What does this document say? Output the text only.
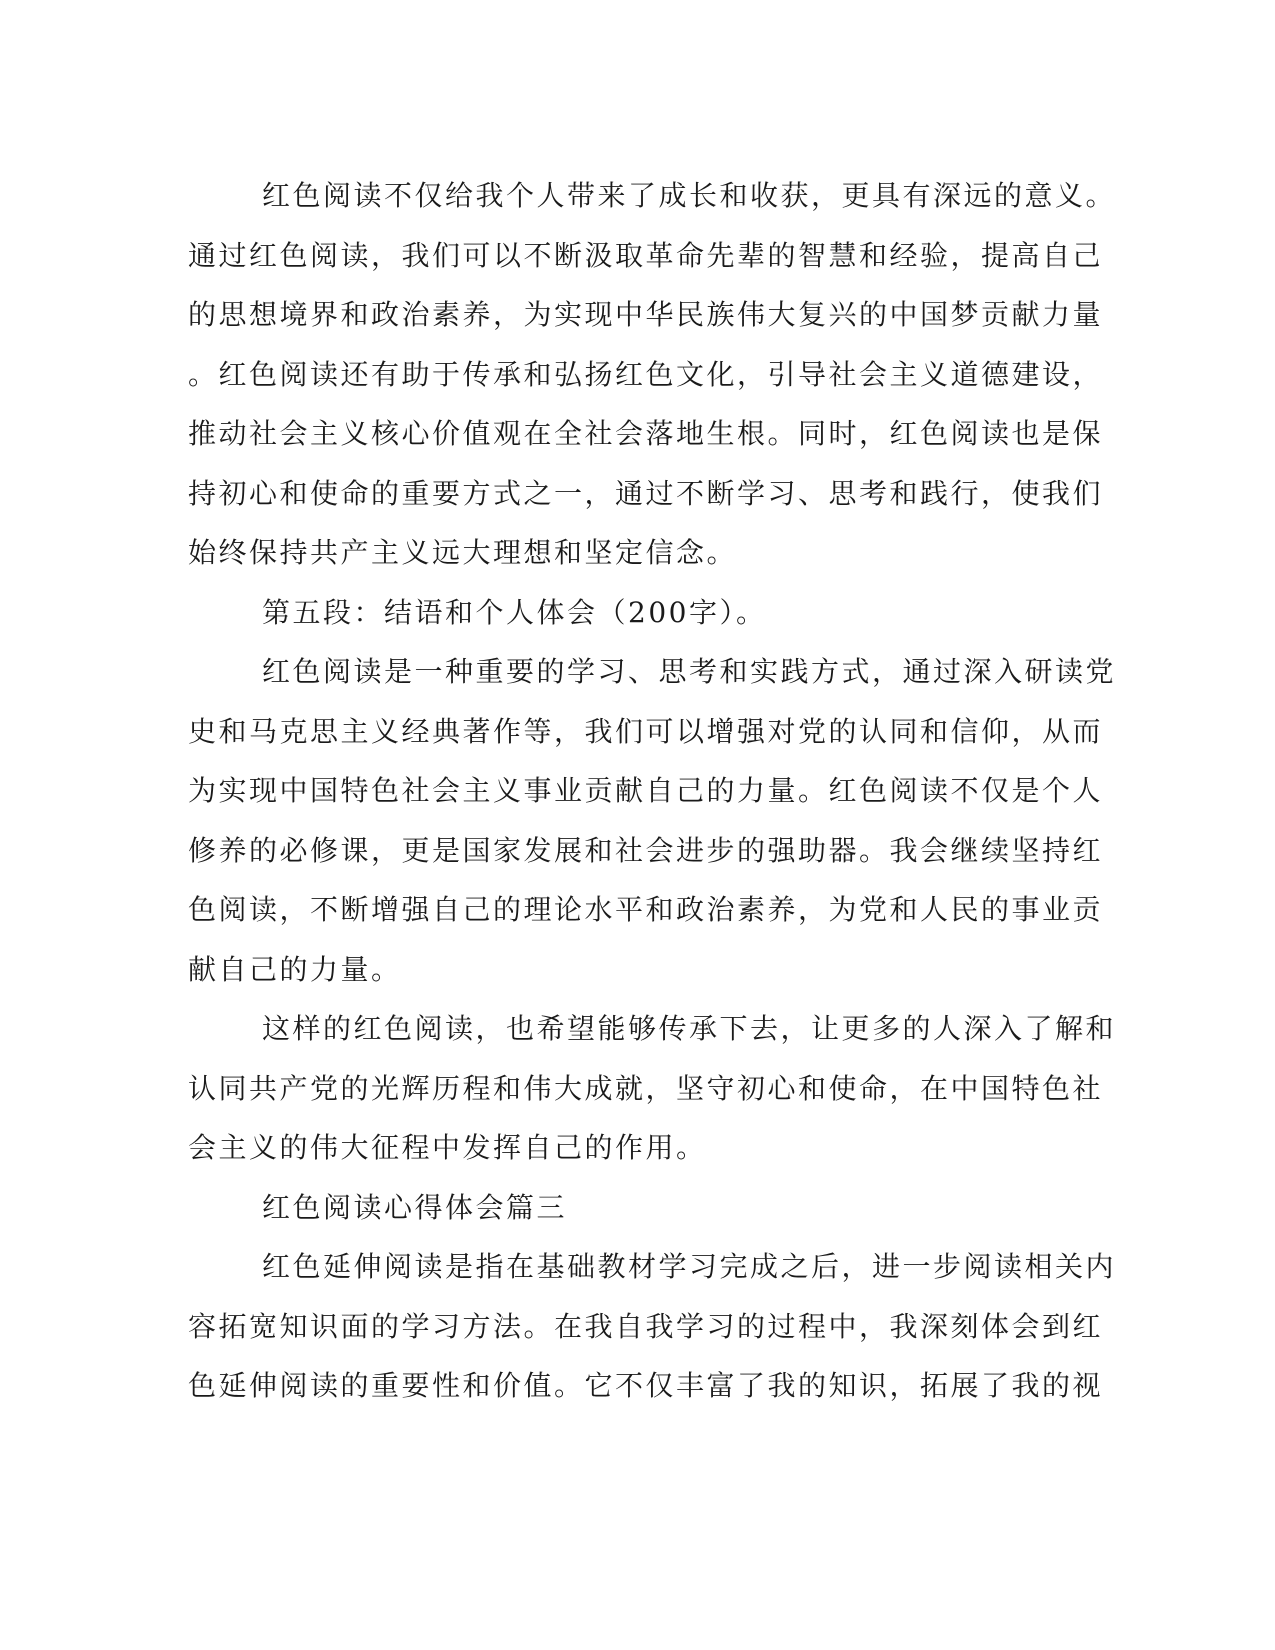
红色阅读不仅给我个人带来了成长和收获，更具有深远的意义。
通过红色阅读，我们可以不断汲取革命先辈的智慧和经验，提高自己
的思想境界和政治素养，为实现中华民族伟大复兴的中国梦贡献力量
。红色阅读还有助于传承和弘扬红色文化，引导社会主义道德建设，
推动社会主义核心价值观在全社会落地生根。同时，红色阅读也是保
持初心和使命的重要方式之一，通过不断学习、思考和践行，使我们
始终保持共产主义远大理想和坚定信念。
第五段：结语和个人体会（200字）。
红色阅读是一种重要的学习、思考和实践方式，通过深入研读党
史和马克思主义经典著作等，我们可以增强对党的认同和信仰，从而
为实现中国特色社会主义事业贡献自己的力量。红色阅读不仅是个人
修养的必修课，更是国家发展和社会进步的强助器。我会继续坚持红
色阅读，不断增强自己的理论水平和政治素养，为党和人民的事业贡
献自己的力量。
这样的红色阅读，也希望能够传承下去，让更多的人深入了解和
认同共产党的光辉历程和伟大成就，坚守初心和使命，在中国特色社
会主义的伟大征程中发挥自己的作用。
红色阅读心得体会篇三
红色延伸阅读是指在基础教材学习完成之后，进一步阅读相关内
容拓宽知识面的学习方法。在我自我学习的过程中，我深刻体会到红
色延伸阅读的重要性和价值。它不仅丰富了我的知识，拓展了我的视
